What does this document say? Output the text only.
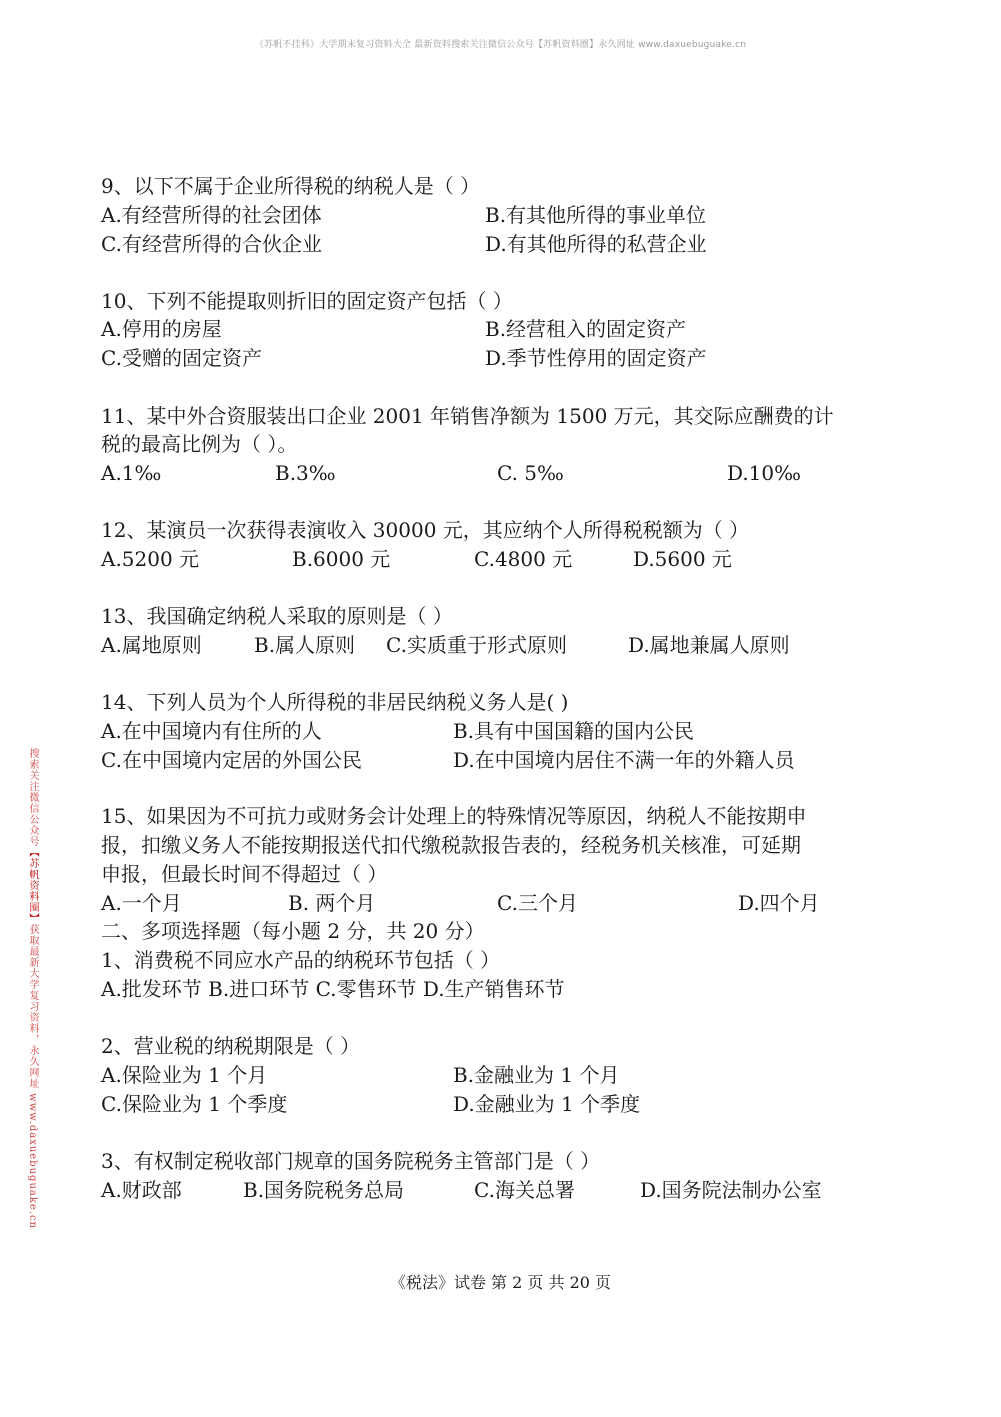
《苏帆不挂科》大学期末复习资料大全 最新资料搜索关注微信公众号【苏帆资料圈】永久网址 www.daxuebuguake.cn
搜索关注微信公众号【苏帆资料圈】获取最新大学复习资料，永久网址 www.daxuebuguake.cn
9、以下不属于企业所得税的纳税人是（ ）
A.有经营所得的社会团体	B.有其他所得的事业单位
C.有经营所得的合伙企业	D.有其他所得的私营企业
10、下列不能提取则折旧的固定资产包括（ ）
A.停用的房屋	B.经营租入的固定资产
C.受赠的固定资产	D.季节性停用的固定资产
11、某中外合资服装出口企业 2001 年销售净额为 1500 万元，其交际应酬费的计
税的最高比例为（ ）。
A.1‰	B.3‰	C. 5‰	D.10‰
12、某演员一次获得表演收入 30000 元，其应纳个人所得税税额为（ ）
A.5200 元	B.6000 元	C.4800 元	D.5600 元
13、我国确定纳税人采取的原则是（ ）
A.属地原则	B.属人原则 C.实质重于形式原则	D.属地兼属人原则
14、下列人员为个人所得税的非居民纳税义务人是( )
A.在中国境内有住所的人	B.具有中国国籍的国内公民
C.在中国境内定居的外国公民	D.在中国境内居住不满一年的外籍人员
15、如果因为不可抗力或财务会计处理上的特殊情况等原因，纳税人不能按期申
报，扣缴义务人不能按期报送代扣代缴税款报告表的，经税务机关核准，可延期
申报，但最长时间不得超过（ ）
A.一个月	B. 两个月	C.三个月	D.四个月
二、多项选择题（每小题 2 分，共 20 分）
1、消费税不同应水产品的纳税环节包括（ ）
A.批发环节 B.进口环节 C.零售环节 D.生产销售环节
2、营业税的纳税期限是（ ）
A.保险业为 1 个月	B.金融业为 1 个月
C.保险业为 1 个季度	D.金融业为 1 个季度
3、有权制定税收部门规章的国务院税务主管部门是（ ）
A.财政部	B.国务院税务总局	C.海关总署	D.国务院法制办公室
《税法》试卷 第 2 页 共 20 页
